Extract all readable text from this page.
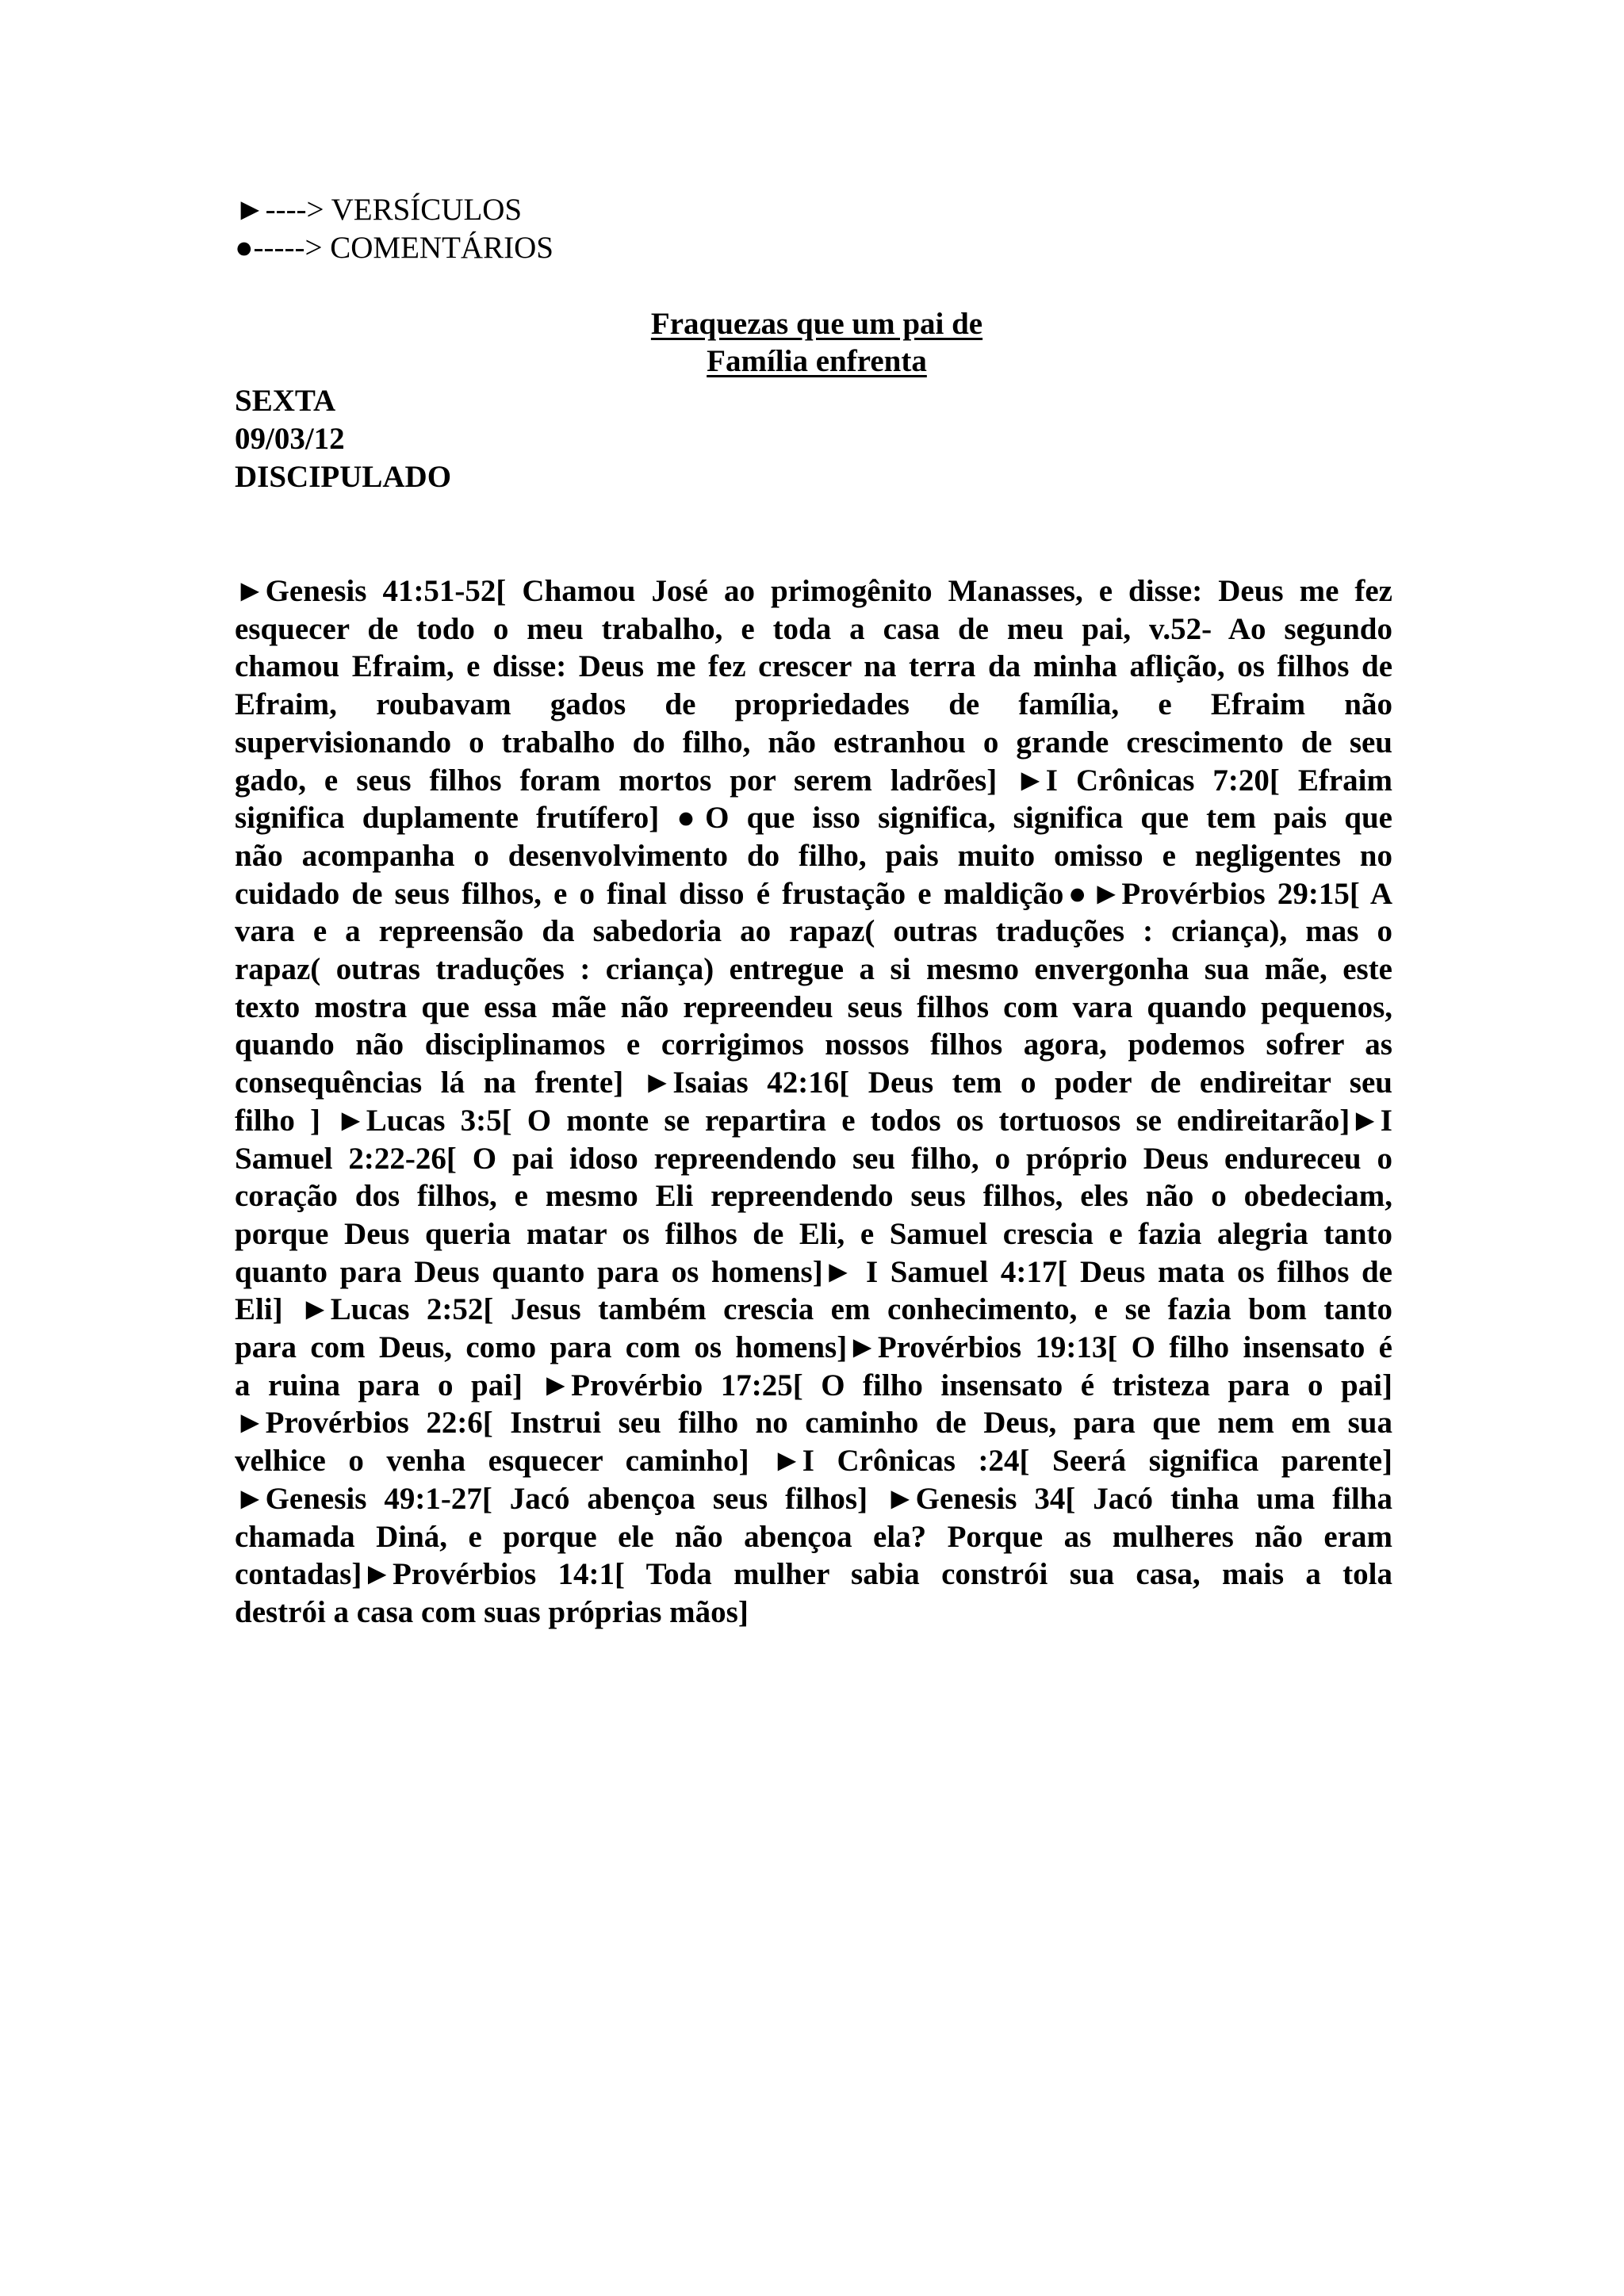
►----> VERSÍCULOS
●-----> COMENTÁRIOS
Fraquezas que um pai de
Família enfrenta
SEXTA
09/03/12
DISCIPULADO
►Genesis 41:51-52[ Chamou José ao primogênito Manasses, e disse: Deus me fez
esquecer de todo o meu trabalho, e toda a casa de meu pai, v.52- Ao segundo
chamou Efraim, e disse: Deus me fez crescer na terra da minha aflição, os filhos de
Efraim, roubavam gados de propriedades de família, e Efraim não
supervisionando o trabalho do filho, não estranhou o grande crescimento de seu
gado, e seus filhos foram mortos por serem ladrões] ►I Crônicas 7:20[ Efraim
significa duplamente frutífero] ●O que isso significa, significa que tem pais que
não acompanha o desenvolvimento do filho, pais muito omisso e negligentes no
cuidado de seus filhos, e o final disso é frustação e maldição●►Provérbios 29:15[ A
vara e a repreensão da sabedoria ao rapaz( outras traduções : criança), mas o
rapaz( outras traduções : criança) entregue a si mesmo envergonha sua mãe, este
texto mostra que essa mãe não repreendeu seus filhos com vara quando pequenos,
quando não disciplinamos e corrigimos nossos filhos agora, podemos sofrer as
consequências lá na frente] ►Isaias 42:16[ Deus tem o poder de endireitar seu
filho ] ►Lucas 3:5[ O monte se repartira e todos os tortuosos se endireitarão]►I
Samuel 2:22-26[ O pai idoso repreendendo seu filho, o próprio Deus endureceu o
coração dos filhos, e mesmo Eli repreendendo seus filhos, eles não o obedeciam,
porque Deus queria matar os filhos de Eli, e Samuel crescia e fazia alegria tanto
quanto para Deus quanto para os homens]► I Samuel 4:17[ Deus mata os filhos de
Eli] ►Lucas 2:52[ Jesus também crescia em conhecimento, e se fazia bom tanto
para com Deus, como para com os homens]►Provérbios 19:13[ O filho insensato é
a ruina para o pai] ►Provérbio 17:25[ O filho insensato é tristeza para o pai]
►Provérbios 22:6[ Instrui seu filho no caminho de Deus, para que nem em sua
velhice o venha esquecer caminho] ►I Crônicas :24[ Seerá significa parente]
►Genesis 49:1-27[ Jacó abençoa seus filhos] ►Genesis 34[ Jacó tinha uma filha
chamada Diná, e porque ele não abençoa ela? Porque as mulheres não eram
contadas]►Provérbios 14:1[ Toda mulher sabia constrói sua casa, mais a tola
destrói a casa com suas próprias mãos]
